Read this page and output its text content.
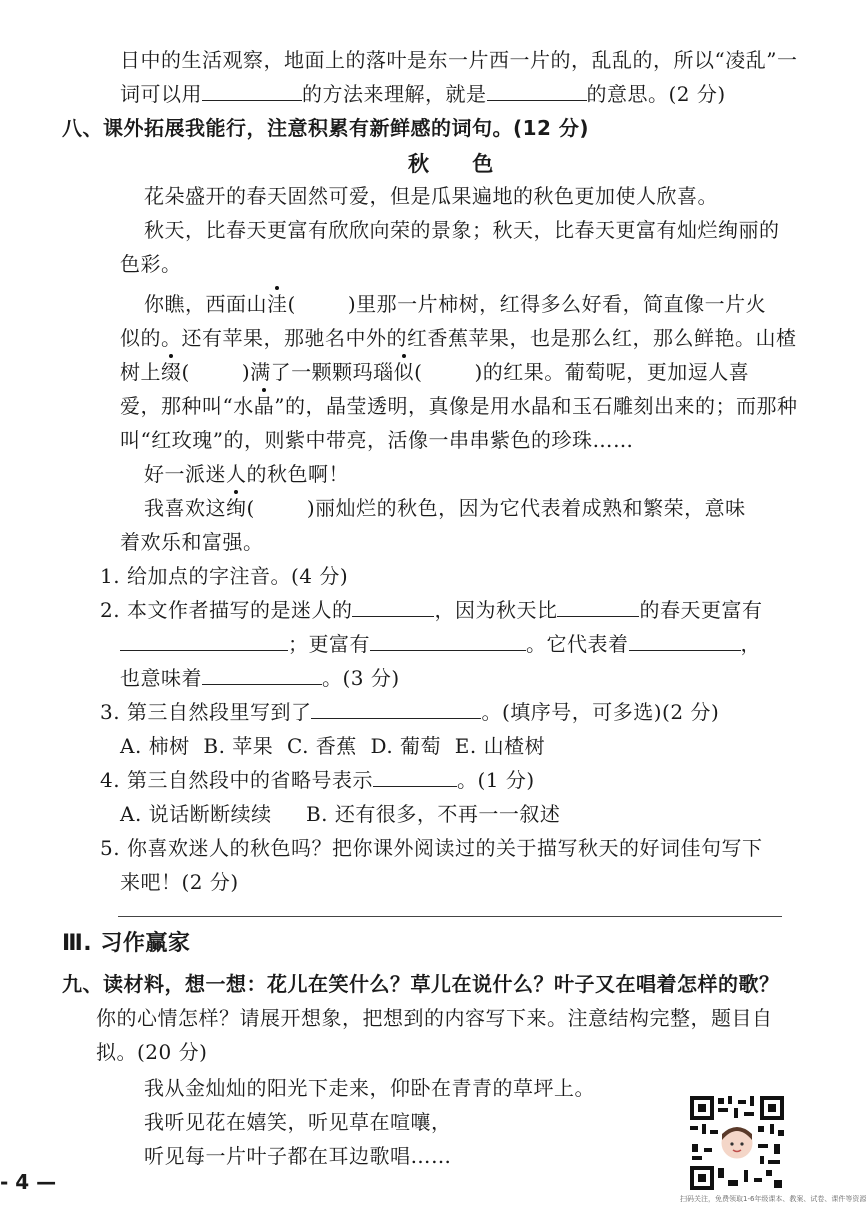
日中的生活观察，地面上的落叶是东一片西一片的，乱乱的，所以“凌乱”一
词可以用	的方法来理解，就是	的意思。(2 分)
八、课外拓展我能行，注意积累有新鲜感的词句。(12 分)
秋 色
花朵盛开的春天固然可爱，但是瓜果遍地的秋色更加使人欣喜。
秋天，比春天更富有欣欣向荣的景象；秋天，比春天更富有灿烂绚丽的
色彩。
你瞧，西面山洼(	)里那一片柿树，红得多么好看，简直像一片火
似的。还有苹果，那驰名中外的红香蕉苹果，也是那么红，那么鲜艳。山楂
树上缀(	)满了一颗颗玛瑙似(	)的红果。葡萄呢，更加逗人喜
爱，那种叫“水晶”的，晶莹透明，真像是用水晶和玉石雕刻出来的；而那种
叫“红玫瑰”的，则紫中带亮，活像一串串紫色的珍珠……
好一派迷人的秋色啊！
我喜欢这绚(	)丽灿烂的秋色，因为它代表着成熟和繁荣，意味
着欢乐和富强。
1. 给加点的字注音。(4 分)
2. 本文作者描写的是迷人的	，因为秋天比	的春天更富有
；更富有	。它代表着	，
也意味着	。(3 分)
3. 第三自然段里写到了	。(填序号，可多选)(2 分)
A. 柿树  B. 苹果  C. 香蕉  D. 葡萄  E. 山楂树
4. 第三自然段中的省略号表示	。(1 分)
A. 说话断断续续     B. 还有很多，不再一一叙述
5. 你喜欢迷人的秋色吗？把你课外阅读过的关于描写秋天的好词佳句写下
来吧！(2 分)
Ⅲ. 习作赢家
九、读材料，想一想：花儿在笑什么？草儿在说什么？叶子又在唱着怎样的歌？
你的心情怎样？请展开想象，把想到的内容写下来。注意结构完整，题目自
拟。(20 分)
我从金灿灿的阳光下走来，仰卧在青青的草坪上。
我听见花在嬉笑，听见草在喧嚷，
听见每一片叶子都在耳边歌唱……
- 4 —
扫码关注，免费领取1-6年级课本、教案、试卷、课件等资源
